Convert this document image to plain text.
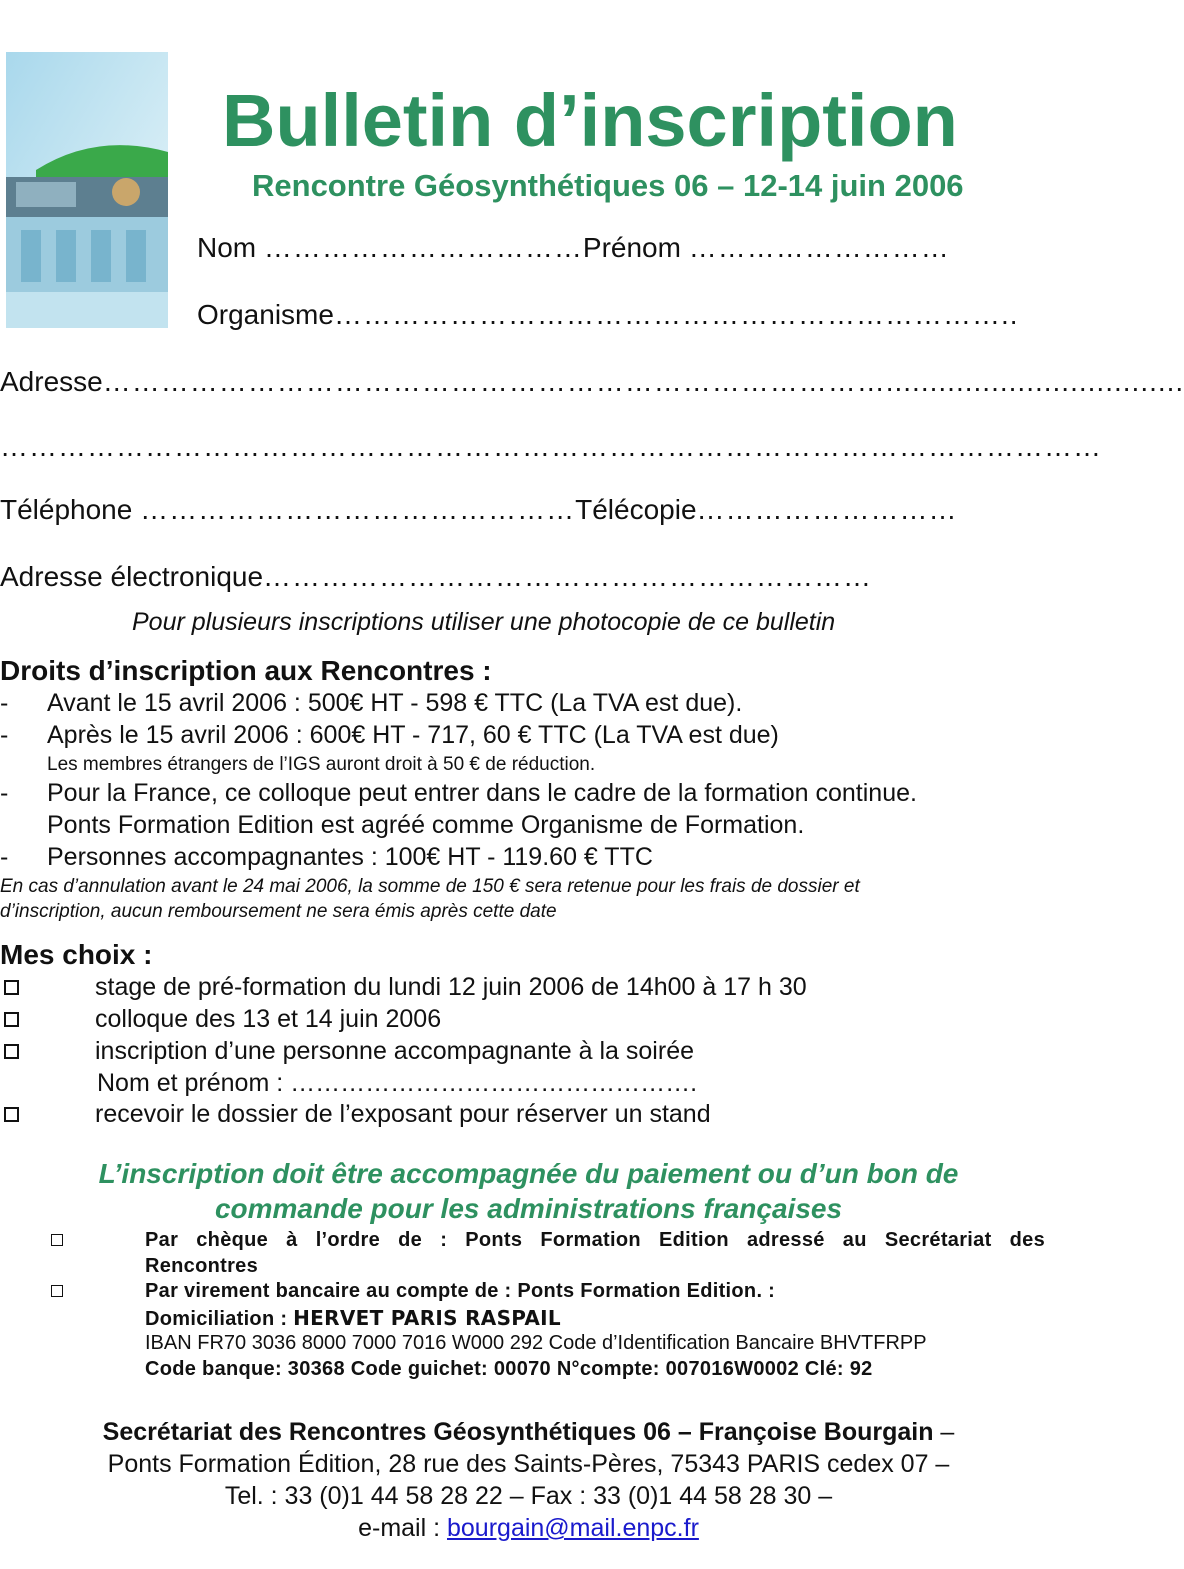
Bulletin d’inscription
Rencontre Géosynthétiques 06 – 12-14 juin 2006
Nom ……………………………Prénom ………………………
Organisme……………………………………………………………..
Adresse………………………………………………………………………..................................
……………………………………………………………………………………………………
Téléphone ………………………………………Télécopie………………………
Adresse électronique………………………………………………………
Pour plusieurs inscriptions utiliser une photocopie de ce bulletin
Droits d’inscription aux Rencontres :
- Avant le 15 avril 2006 : 500€ HT - 598 € TTC (La TVA est due).
- Après le 15 avril 2006 : 600€ HT - 717, 60 € TTC (La TVA est due)
Les membres étrangers de l’IGS auront droit à 50 € de réduction.
- Pour la France, ce colloque peut entrer dans le cadre de la formation continue.
Ponts Formation Edition est agréé comme Organisme de Formation.
- Personnes accompagnantes : 100€ HT - 119.60 € TTC
En cas d’annulation avant le 24 mai 2006, la somme de 150 € sera retenue pour les frais de dossier et
d’inscription, aucun remboursement ne sera émis après cette date
Mes choix :
stage de pré-formation du lundi 12 juin 2006 de 14h00 à 17 h 30
colloque des 13 et 14 juin 2006
inscription d’une personne accompagnante à la soirée
Nom et prénom : ………………………………………….
recevoir le dossier de l’exposant pour réserver un stand
L’inscription doit être accompagnée du paiement ou d’un bon de
commande pour les administrations françaises
Par chèque à l’ordre de : Ponts Formation Edition adressé au Secrétariat des
Rencontres
Par virement bancaire au compte de : Ponts Formation Edition. :
Domiciliation : HERVET PARIS RASPAIL
IBAN FR70 3036 8000 7000 7016 W000 292 Code d’Identification Bancaire BHVTFRPP
Code banque: 30368 Code guichet: 00070 N°compte: 007016W0002 Clé: 92
Secrétariat des Rencontres Géosynthétiques 06 – Françoise Bourgain –
Ponts Formation Édition, 28 rue des Saints-Pères, 75343 PARIS cedex 07 –
Tel. : 33 (0)1 44 58 28 22 – Fax : 33 (0)1 44 58 28 30 –
e-mail : bourgain@mail.enpc.fr
